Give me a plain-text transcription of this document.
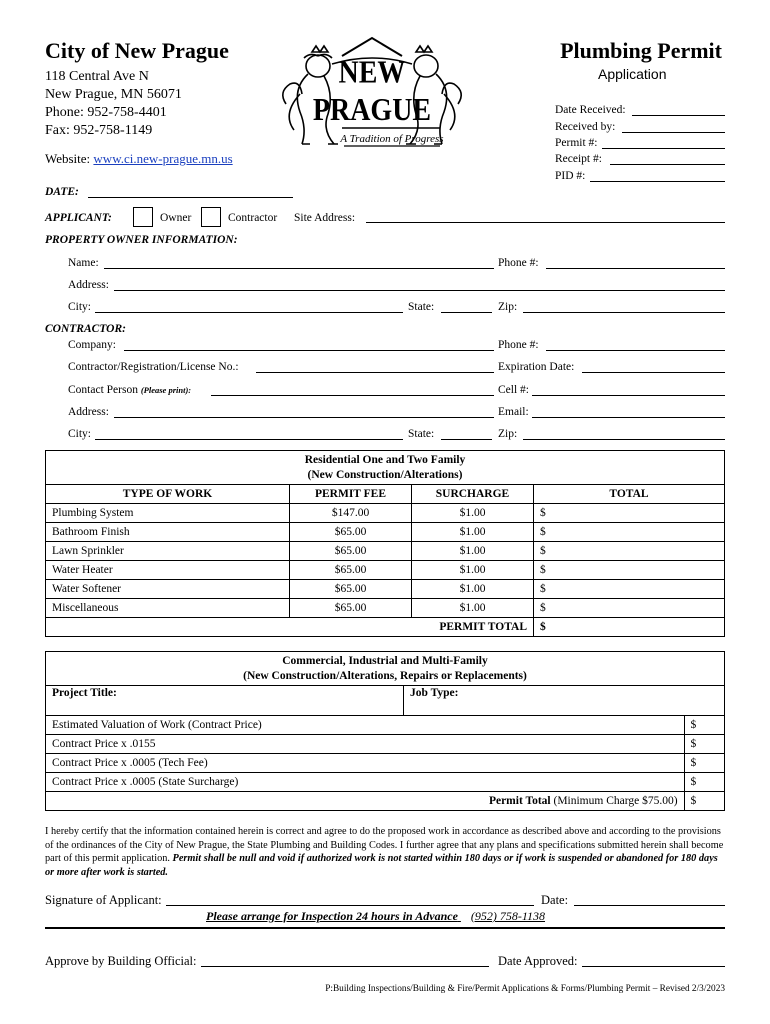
City of New Prague
118 Central Ave N
New Prague, MN 56071
Phone: 952-758-4401
Fax: 952-758-1149
Website: www.ci.new-prague.mn.us
NEW
PRAGUE
A Tradition of Progress
Plumbing Permit
Application
Date Received:
Received by:
Permit #:
Receipt #:
PID #:
DATE:
APPLICANT:	Owner	Contractor Site Address:
PROPERTY OWNER INFORMATION:
Name:	Phone #:
Address:
City:	State:	Zip:
CONTRACTOR:
Company:	Phone #:
Contractor/Registration/License No.:	Expiration Date:
Contact Person (Please print):	Cell #:
Address:	Email:
City:	State:	Zip:
Residential One and Two Family
(New Construction/Alterations)			

TYPE OF WORK	PERMIT FEE	SURCHARGE	TOTAL
Plumbing System	$147.00	$1.00	$
Bathroom Finish	$65.00	$1.00	$
Lawn Sprinkler	$65.00	$1.00	$
Water Heater	$65.00	$1.00	$
Water Softener	$65.00	$1.00	$
Miscellaneous	$65.00	$1.00	$
PERMIT TOTAL			$
Commercial, Industrial and Multi-Family
(New Construction/Alterations, Repairs or Replacements)		

Project Title:	Job Type:	
Estimated Valuation of Work (Contract Price)		$
Contract Price x .0155		$
Contract Price x .0005 (Tech Fee)		$
Contract Price x .0005 (State Surcharge)		$
Permit Total (Minimum Charge $75.00)		$
I hereby certify that the information contained herein is correct and agree to do the proposed work in accordance as described above and according to the provisions of the ordinances of the City of New Prague, the State Plumbing and Building Codes. I further agree that any plans and specifications submitted herein shall become part of this permit application. Permit shall be null and void if authorized work is not started within 180 days or if work is suspended or abandoned for 180 days or more after work is started.
Signature of Applicant:	Date:
Please arrange for Inspection 24 hours in Advance (952) 758-1138
Approve by Building Official:	Date Approved:
P:Building Inspections/Building & Fire/Permit Applications & Forms/Plumbing Permit – Revised 2/3/2023
